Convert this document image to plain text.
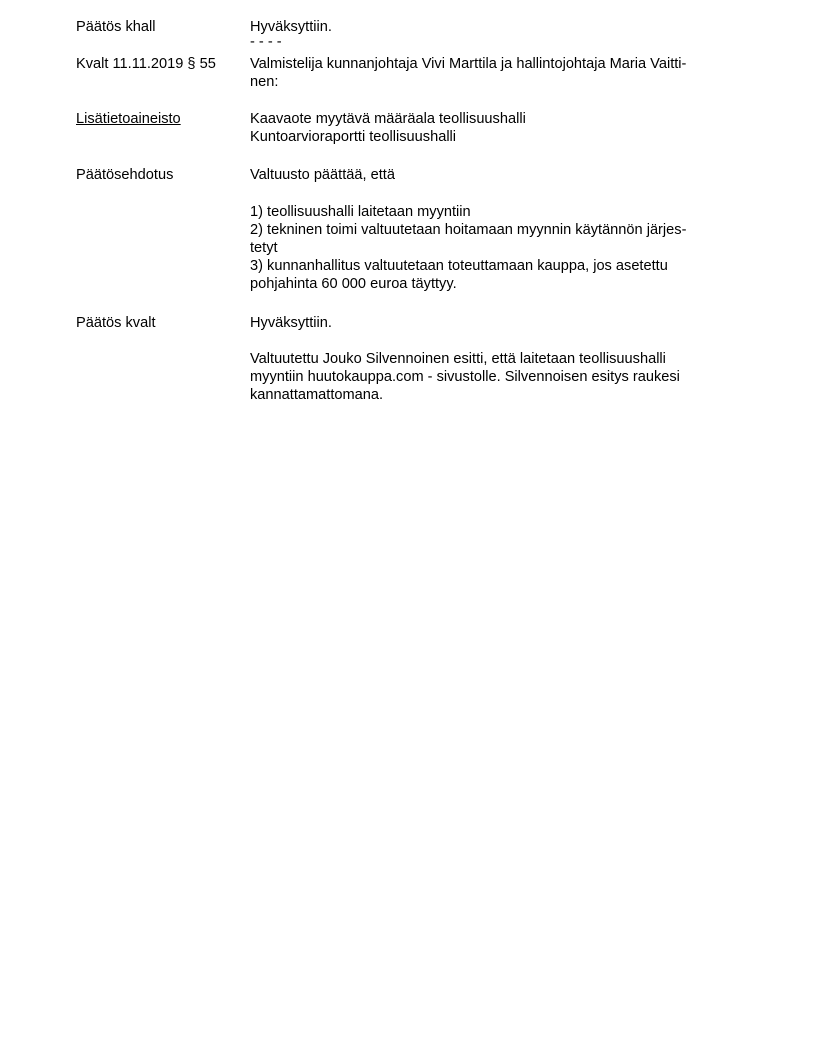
Päätös khall	Hyväksyttiin.
- - - -
Kvalt 11.11.2019 § 55	Valmistelija kunnanjohtaja Vivi Marttila ja hallintojohtaja Maria Vaitti-
nen:
Lisätietoaineisto	Kaavaote myytävä määräala teollisuushalli
Kuntoarvioraportti teollisuushalli
Päätösehdotus	Valtuusto päättää, että
1) teollisuushalli laitetaan myyntiin
2) tekninen toimi valtuutetaan hoitamaan myynnin käytännön järjes-
tetyt
3) kunnanhallitus valtuutetaan toteuttamaan kauppa, jos asetettu
pohjahinta 60 000 euroa täyttyy.
Päätös kvalt	Hyväksyttiin.
Valtuutettu Jouko Silvennoinen esitti, että laitetaan teollisuushalli
myyntiin huutokauppa.com - sivustolle. Silvennoisen esitys raukesi
kannattamattomana.
